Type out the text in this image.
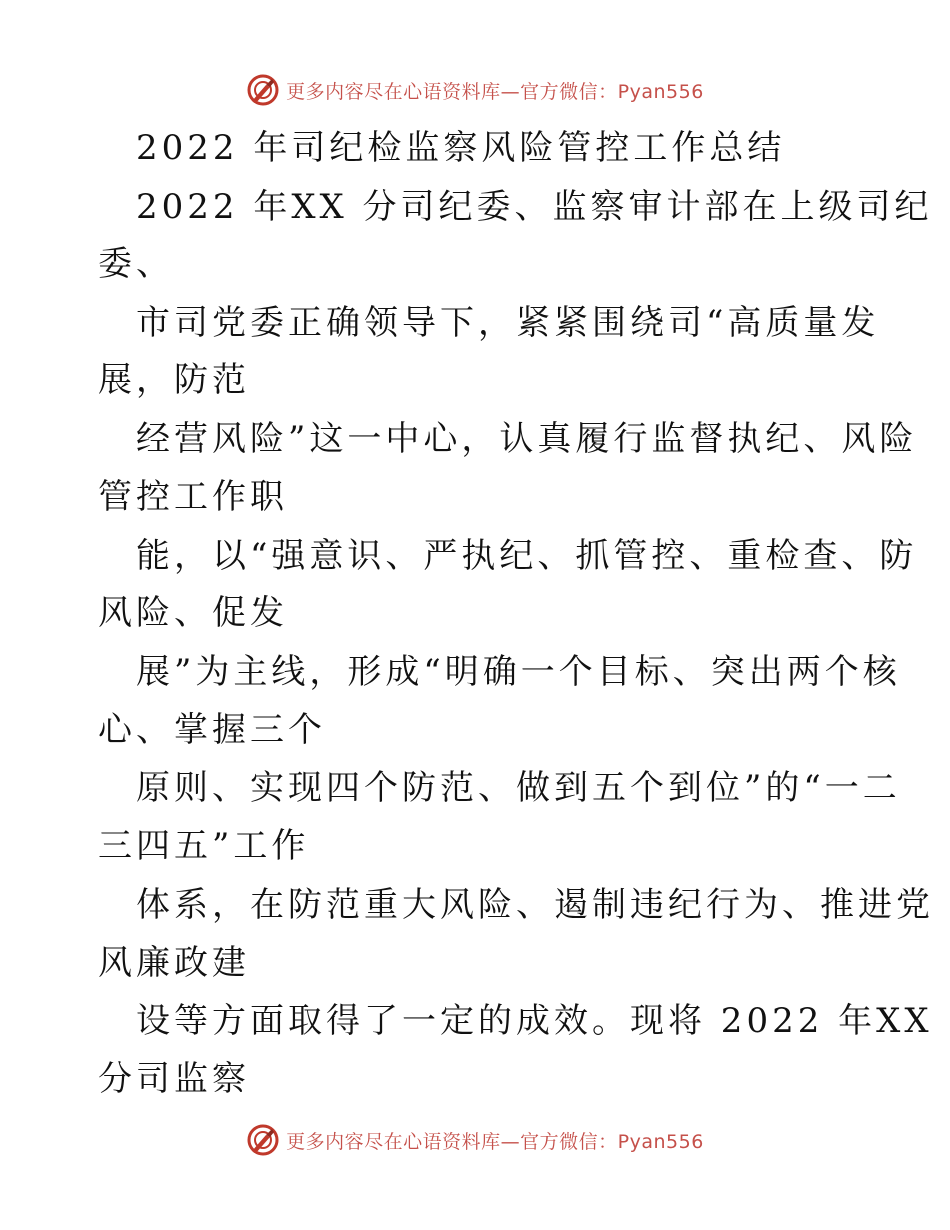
更多内容尽在心语资料库—官方微信：Pyan556
2022 年司纪检监察风险管控工作总结
2022 年XX 分司纪委、监察审计部在上级司纪
委、
市司党委正确领导下，紧紧围绕司“高质量发
展，防范
经营风险”这一中心，认真履行监督执纪、风险
管控工作职
能，以“强意识、严执纪、抓管控、重检查、防
风险、促发
展”为主线，形成“明确一个目标、突出两个核
心、掌握三个
原则、实现四个防范、做到五个到位”的“一二
三四五”工作
体系，在防范重大风险、遏制违纪行为、推进党
风廉政建
设等方面取得了一定的成效。现将 2022 年XX
分司监察
更多内容尽在心语资料库—官方微信：Pyan556
